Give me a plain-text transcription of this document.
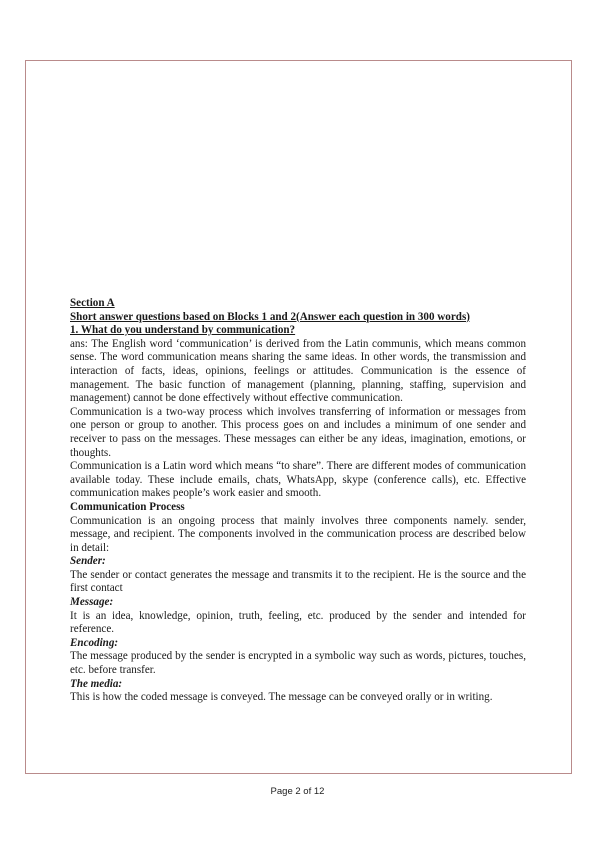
Section A

Short answer questions based on Blocks 1 and 2(Answer each question in 300 words)

1. What do you understand by communication?

ans: The English word ‘communication’ is derived from the Latin communis, which means common sense. The word communication means sharing the same ideas. In other words, the transmission and interaction of facts, ideas, opinions, feelings or attitudes. Communication is the essence of management. The basic function of management (planning, planning, staffing, supervision and management) cannot be done effectively without effective communication.

Communication is a two-way process which involves transferring of information or messages from one person or group to another. This process goes on and includes a minimum of one sender and receiver to pass on the messages. These messages can either be any ideas, imagination, emotions, or thoughts.

Communication is a Latin word which means “to share”. There are different modes of communication available today. These include emails, chats, WhatsApp, skype (conference calls), etc. Effective communication makes people’s work easier and smooth.

Communication Process

Communication is an ongoing process that mainly involves three components namely. sender, message, and recipient. The components involved in the communication process are described below in detail:

Sender:

The sender or contact generates the message and transmits it to the recipient. He is the source and the first contact

Message:

It is an idea, knowledge, opinion, truth, feeling, etc. produced by the sender and intended for reference.

Encoding:

The message produced by the sender is encrypted in a symbolic way such as words, pictures, touches, etc. before transfer.

The media:

This is how the coded message is conveyed. The message can be conveyed orally or in writing.

Page 2 of 12
